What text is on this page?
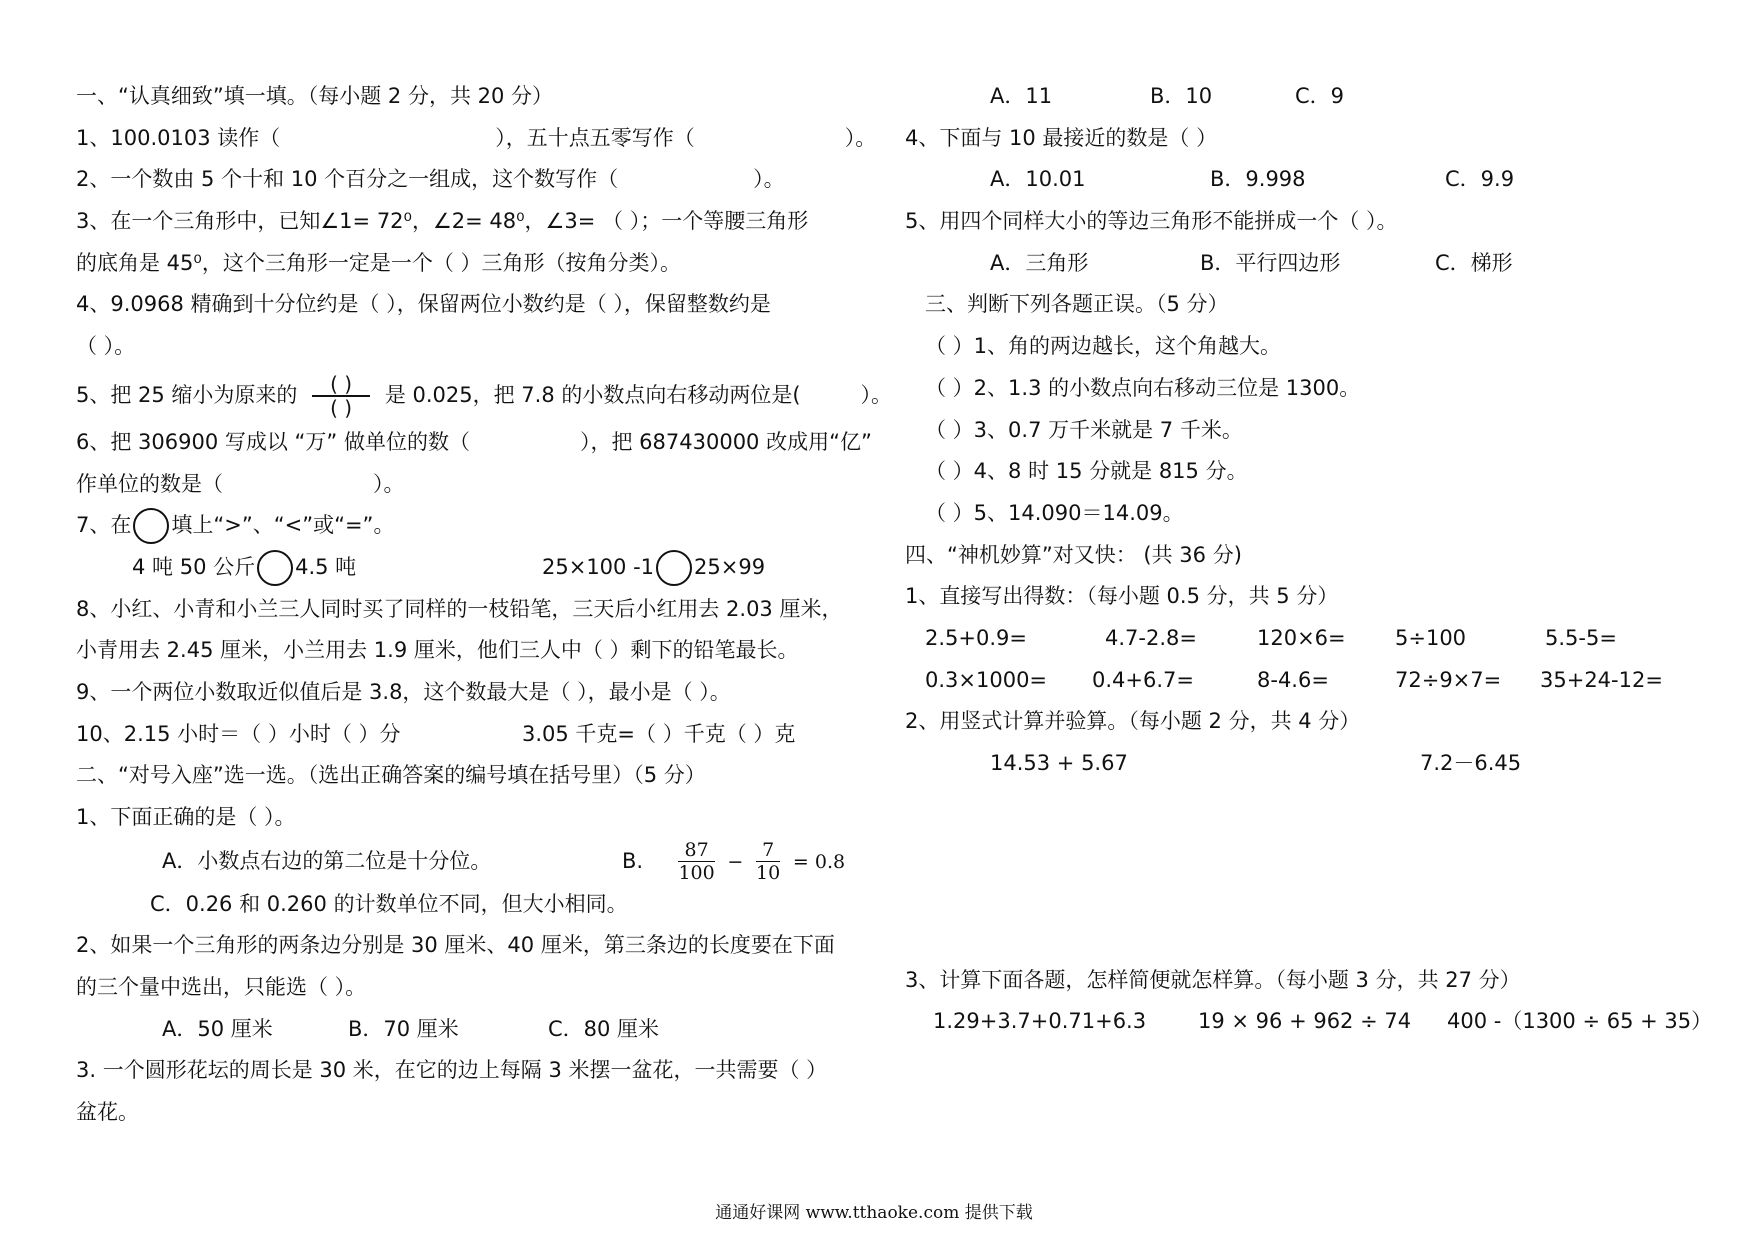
一、“认真细致”填一填。（每小题 2 分，共 20 分）
1、100.0103 读作（	），五十点五零写作（	）。
2、一个数由 5 个十和 10 个百分之一组成，这个数写作（	）。
3、在一个三角形中，已知∠1= 72⁰，∠2= 48⁰，∠3= （ ）；一个等腰三角形
的底角是 45⁰，这个三角形一定是一个（ ）三角形（按角分类）。
4、9.0968 精确到十分位约是（ ），保留两位小数约是（ ），保留整数约是
（ ）。
5、把 25 缩小为原来的 $\frac{( )}{( )}$ 是 0.025，把 7.8 的小数点向右移动两位是(	）。
6、把 306900 写成以 “万” 做单位的数（	），把 687430000 改成用“亿”
作单位的数是（	）。
7、在 填上“>”、“<”或“=”。
4 吨 50 公斤 4.5 吨	25×100 -1 25×99
8、小红、小青和小兰三人同时买了同样的一枝铅笔，三天后小红用去 2.03 厘米，
小青用去 2.45 厘米，小兰用去 1.9 厘米，他们三人中（ ）剩下的铅笔最长。
9、一个两位小数取近似值后是 3.8，这个数最大是（ ），最小是（ ）。
10、2.15 小时＝（ ）小时（ ）分	3.05 千克=（ ）千克（ ）克
二、“对号入座”选一选。（选出正确答案的编号填在括号里）（5 分）
1、下面正确的是（ ）。
A．小数点右边的第二位是十分位。	B. $\frac{87}{100} - \frac{7}{10} = 0.8$
C．0.26 和 0.260 的计数单位不同，但大小相同。
2、如果一个三角形的两条边分别是 30 厘米、40 厘米，第三条边的长度要在下面
的三个量中选出，只能选（ ）。
A．50 厘米	B．70 厘米	C．80 厘米
3. 一个圆形花坛的周长是 30 米，在它的边上每隔 3 米摆一盆花，一共需要（ ）
盆花。
A．11	B．10	C．9
4、下面与 10 最接近的数是（ ）
A．10.01	B．9.998	C．9.9
5、用四个同样大小的等边三角形不能拼成一个（ ）。
A．三角形	B．平行四边形	C．梯形
三、判断下列各题正误。（5 分）
（ ）1、角的两边越长，这个角越大。
（ ）2、1.3 的小数点向右移动三位是 1300。
（ ）3、0.7 万千米就是 7 千米。
（ ）4、8 时 15 分就是 815 分。
（ ）5、14.090＝14.09。
四、“神机妙算”对又快： (共 36 分)
1、直接写出得数：（每小题 0.5 分，共 5 分）
2.5+0.9=	4.7-2.8=	120×6= 5÷100	5.5-5=
0.3×1000= 0.4+6.7=	8-4.6=	72÷9×7= 35+24-12=
2、用竖式计算并验算。（每小题 2 分，共 4 分）
14.53 + 5.67	7.2－6.45
3、计算下面各题，怎样简便就怎样算。（每小题 3 分，共 27 分）
1.29+3.7+0.71+6.3 19 × 96 + 962 ÷ 74 400 -（1300 ÷ 65 + 35）
通通好课网 www.tthaoke.com 提供下载
